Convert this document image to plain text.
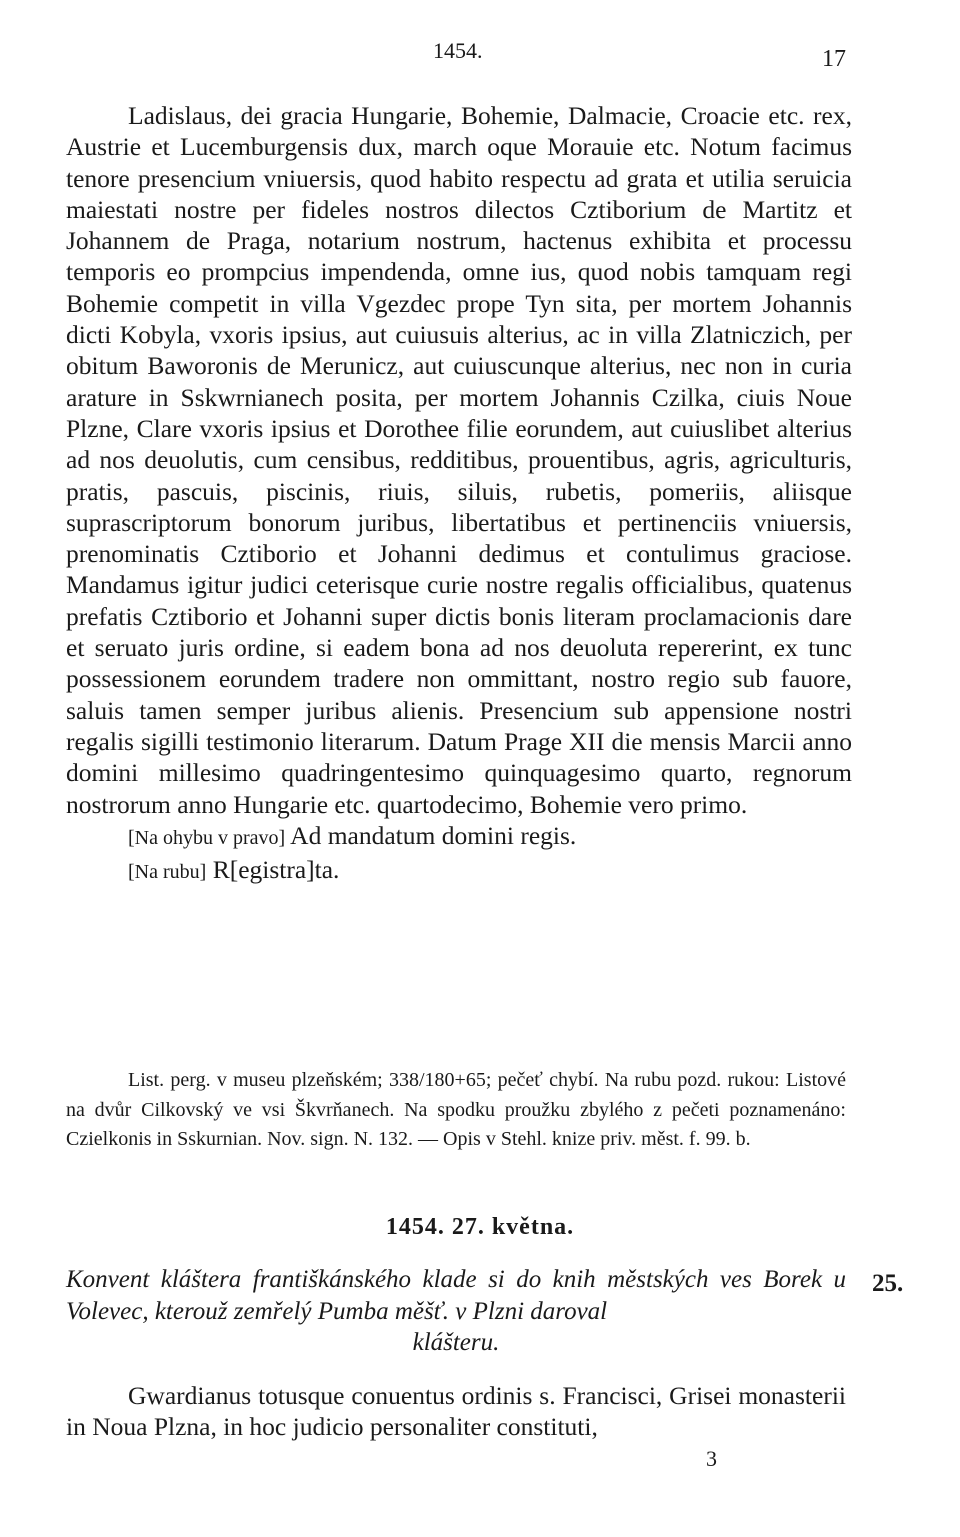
1454.	17

Ladislaus, dei gracia Hungarie, Bohemie, Dalmacie, Croacie etc. rex, Austrie et Lucemburgensis dux, march oque Morauie etc. Notum facimus tenore presencium vniuersis, quod habito respectu ad grata et utilia seruicia maiestati nostre per fideles nostros dilectos Cztiborium de Martitz et Johannem de Praga, notarium nostrum, hactenus exhibita et processu temporis eo prompcius impendenda, omne ius, quod nobis tamquam regi Bohemie competit in villa Vgezdec prope Tyn sita, per mortem Johannis dicti Kobyla, vxoris ipsius, aut cuiusuis alterius, ac in villa Zlatniczich, per obitum Baworonis de Merunicz, aut cuiuscunque alterius, nec non in curia arature in Sskwrnianech posita, per mortem Johannis Czilka, ciuis Noue Plzne, Clare vxoris ipsius et Dorothee filie eorundem, aut cuiuslibet alterius ad nos deuolutis, cum censibus, redditibus, prouentibus, agris, agriculturis, pratis, pascuis, piscinis, riuis, siluis, rubetis, pomeriis, aliisque suprascriptorum bonorum juribus, libertatibus et pertinenciis vniuersis, prenominatis Cztiborio et Johanni dedimus et contulimus graciose. Mandamus igitur judici ceterisque curie nostre regalis officialibus, quatenus prefatis Cztiborio et Johanni super dictis bonis literam proclamacionis dare et seruato juris ordine, si eadem bona ad nos deuoluta repererint, ex tunc possessionem eorundem tradere non ommittant, nostro regio sub fauore, saluis tamen semper juribus alienis. Presencium sub appensione nostri regalis sigilli testimonio literarum. Datum Prage XII die mensis Marcii anno domini millesimo quadringentesimo quinquagesimo quarto, regnorum nostrorum anno Hungarie etc. quartodecimo, Bohemie vero primo.

[Na ohybu v pravo] Ad mandatum domini regis.

[Na rubu] R[egistra]ta.

List. perg. v museu plzeňském; 338/180+65; pečeť chybí. Na rubu pozd. rukou: Listové na dvůr Cilkovský ve vsi Škvrňanech. Na spodku proužku zbylého z pečeti poznamenáno: Czielkonis in Sskurnian. Nov. sign. N. 132. — Opis v Stehl. knize priv. měst. f. 99. b.

1454. 27. května.

Konvent kláštera františkánského klade si do knih městských ves Borek u Volevec, kterouž zemřelý Pumba měšť. v Plzni daroval
klášteru.

25.

Gwardianus totusque conuentus ordinis s. Francisci, Grisei monasterii in Noua Plzna, in hoc judicio personaliter constituti,

3
